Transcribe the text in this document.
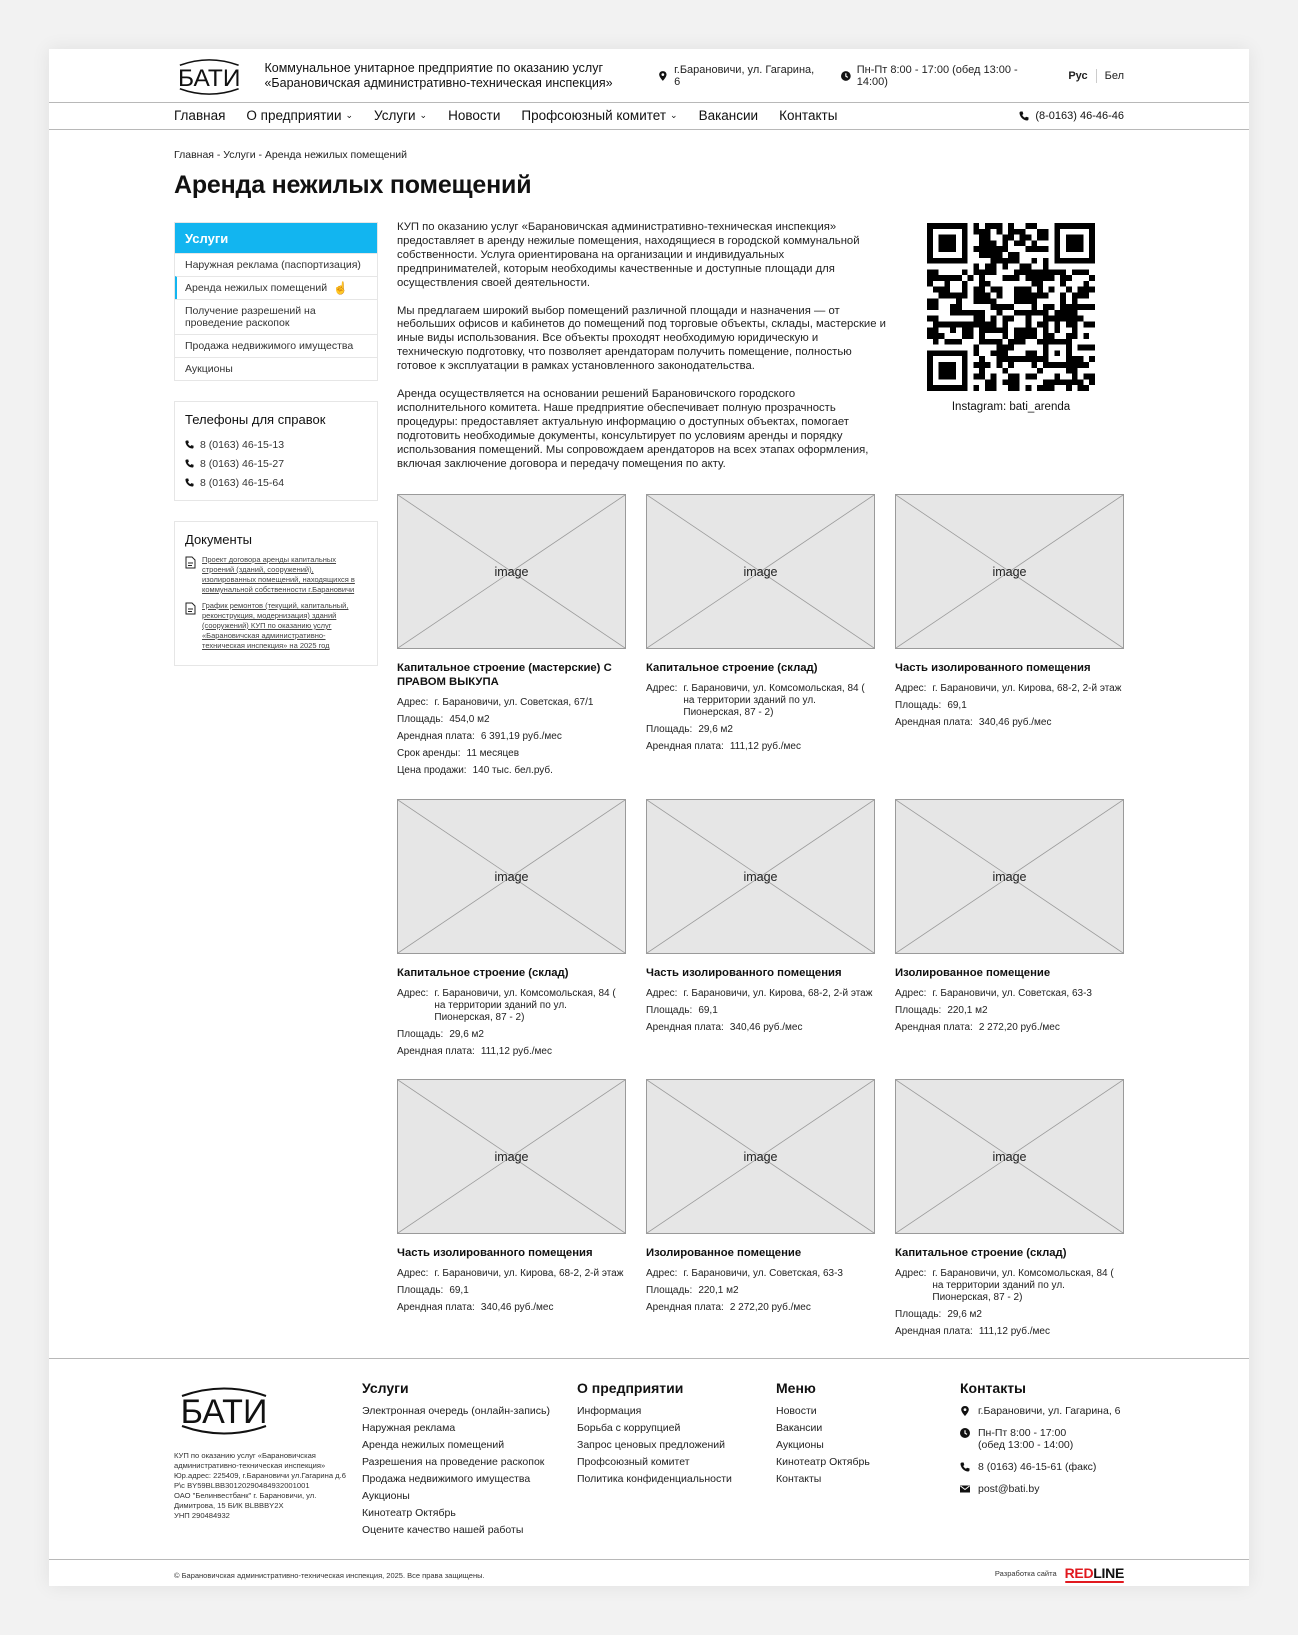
БАТИ Коммунальное унитарное предприятие по оказанию услуг
«Барановичская административно-техническая инспекция»
г.Барановичи, ул. Гагарина, 6
Пн-Пт 8:00 - 17:00 (обед 13:00 - 14:00)	Рус Бел
Главная О предприятии ⌄ Услуги ⌄ Новости Профсоюзный комитет ⌄ Вакансии Контакты	(8-0163) 46-46-46
Главная - Услуги - Аренда нежилых помещений
Аренда нежилых помещений
Услуги
Наружная реклама (паспортизация)
Аренда нежилых помещений ☝
Получение разрешений на проведение раскопок
Продажа недвижимого имущества
Аукционы
Телефоны для справок
8 (0163) 46-15-13
8 (0163) 46-15-27
8 (0163) 46-15-64
Документы
Проект договора аренды капитальных строений (зданий, сооружений), изолированных помещений, находящихся в коммунальной собственности г.Барановичи
График ремонтов (текущий, капитальный, реконструкция, модернизация) зданий (сооружений) КУП по оказанию услуг «Барановичская административно-техническая инспекция» на 2025 год

КУП по оказанию услуг «Барановичская административно-техническая инспекция» предоставляет в аренду нежилые помещения, находящиеся в городской коммунальной собственности. Услуга ориентирована на организации и индивидуальных предпринимателей, которым необходимы качественные и доступные площади для осуществления своей деятельности.

Мы предлагаем широкий выбор помещений различной площади и назначения — от небольших офисов и кабинетов до помещений под торговые объекты, склады, мастерские и иные виды использования. Все объекты проходят необходимую юридическую и техническую подготовку, что позволяет арендаторам получить помещение, полностью готовое к эксплуатации в рамках установленного законодательства.

Аренда осуществляется на основании решений Барановичского городского исполнительного комитета. Наше предприятие обеспечивает полную прозрачность процедуры: предоставляет актуальную информацию о доступных объектах, помогает подготовить необходимые документы, консультирует по условиям аренды и порядку использования помещений. Мы сопровождаем арендаторов на всех этапах оформления, включая заключение договора и передачу помещения по акту.

Instagram: bati_arenda
image
Капитальное строение (мастерские) С ПРАВОМ ВЫКУПА
Адрес: г. Барановичи, ул. Советская, 67/1
Площадь: 454,0 м2
Арендная плата: 6 391,19 руб./мес
Срок аренды: 11 месяцев
Цена продажи: 140 тыс. бел.руб.
image
Капитальное строение (склад)
Адрес: г. Барановичи, ул. Комсомольская, 84 ( на территории зданий по ул. Пионерская, 87 - 2)
Площадь: 29,6 м2
Арендная плата: 111,12 руб./мес
image
Часть изолированного помещения
Адрес: г. Барановичи, ул. Кирова, 68-2, 2-й этаж
Площадь: 69,1
Арендная плата: 340,46 руб./мес
image
Капитальное строение (склад)
Адрес: г. Барановичи, ул. Комсомольская, 84 ( на территории зданий по ул. Пионерская, 87 - 2)
Площадь: 29,6 м2
Арендная плата: 111,12 руб./мес
image
Часть изолированного помещения
Адрес: г. Барановичи, ул. Кирова, 68-2, 2-й этаж
Площадь: 69,1
Арендная плата: 340,46 руб./мес
image
Изолированное помещение
Адрес: г. Барановичи, ул. Советская, 63-3
Площадь: 220,1 м2
Арендная плата: 2 272,20 руб./мес
image
Часть изолированного помещения
Адрес: г. Барановичи, ул. Кирова, 68-2, 2-й этаж
Площадь: 69,1
Арендная плата: 340,46 руб./мес
image
Изолированное помещение
Адрес: г. Барановичи, ул. Советская, 63-3
Площадь: 220,1 м2
Арендная плата: 2 272,20 руб./мес
image
Капитальное строение (склад)
Адрес: г. Барановичи, ул. Комсомольская, 84 ( на территории зданий по ул. Пионерская, 87 - 2)
Площадь: 29,6 м2
Арендная плата: 111,12 руб./мес
БАТИ
КУП по оказанию услуг «Барановичская
административно-техническая инспекция»
Юр.адрес: 225409, г.Барановичи ул.Гагарина д.6
Р\с BY59BLBB30120290484932001001
ОАО "Белинвестбанк" г. Барановичи, ул.
Димитрова, 15 БИК BLBBBY2X
УНП 290484932
Услуги
Электронная очередь (онлайн-запись)
Наружная реклама
Аренда нежилых помещений
Разрешения на проведение раскопок
Продажа недвижимого имущества
Аукционы
Кинотеатр Октябрь
Оцените качество нашей работы
О предприятии
Информация
Борьба с коррупцией
Запрос ценовых предложений
Профсоюзный комитет
Политика конфиденциальности
Меню
Новости
Вакансии
Аукционы
Кинотеатр Октябрь
Контакты
Контакты
г.Барановичи, ул. Гагарина, 6
Пн-Пт 8:00 - 17:00
(обед 13:00 - 14:00)
8 (0163) 46-15-61 (факс)
post@bati.by
© Барановичская административно-техническая инспекция, 2025. Все права защищены.	Разработка сайта REDLINE
